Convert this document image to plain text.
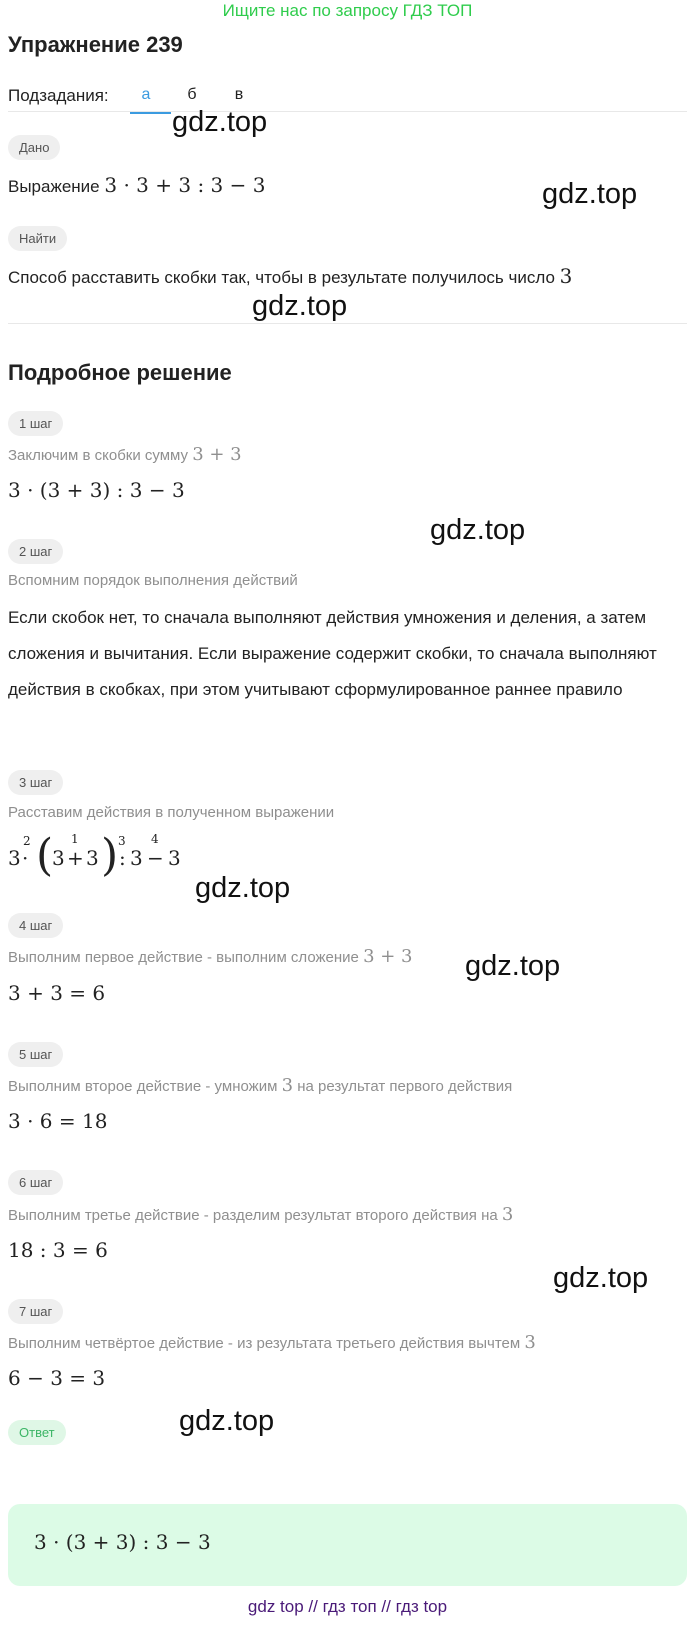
Ищите нас по запросу ГДЗ ТОП
Упражнение 239
Подзадания:	а	б	в
Дано
Выражение 3 · 3 + 3 : 3 − 3
Найти
Способ расставить скобки так, чтобы в результате получилось число 3
Подробное решение
1 шаг
Заключим в скобки сумму 3 + 3
3 · (3 + 3) : 3 − 3
2 шаг
Вспомним порядок выполнения действий
Если скобок нет, то сначала выполняют действия умножения и деления, а затем сложения и вычитания. Если выражение содержит скобки, то сначала выполняют действия в скобках, при этом учитывают сформулированное раннее правило
3 шаг
Расставим действия в полученном выражении
3 ·
2 (
3 +
1
3 ) :
3
3 −
4
3
4 шаг
Выполним первое действие - выполним сложение 3 + 3
3 + 3 = 6
5 шаг
Выполним второе действие - умножим 3 на результат первого действия
3 · 6 = 18
6 шаг
Выполним третье действие - разделим результат второго действия на 3
18 : 3 = 6
7 шаг
Выполним четвёртое действие - из результата третьего действия вычтем 3
6 − 3 = 3
Ответ
3 · (3 + 3) : 3 − 3
gdz.top
gdz.top
gdz.top
gdz.top
gdz.top
gdz.top
gdz.top
gdz.top
gdz top // гдз топ // гдз top
